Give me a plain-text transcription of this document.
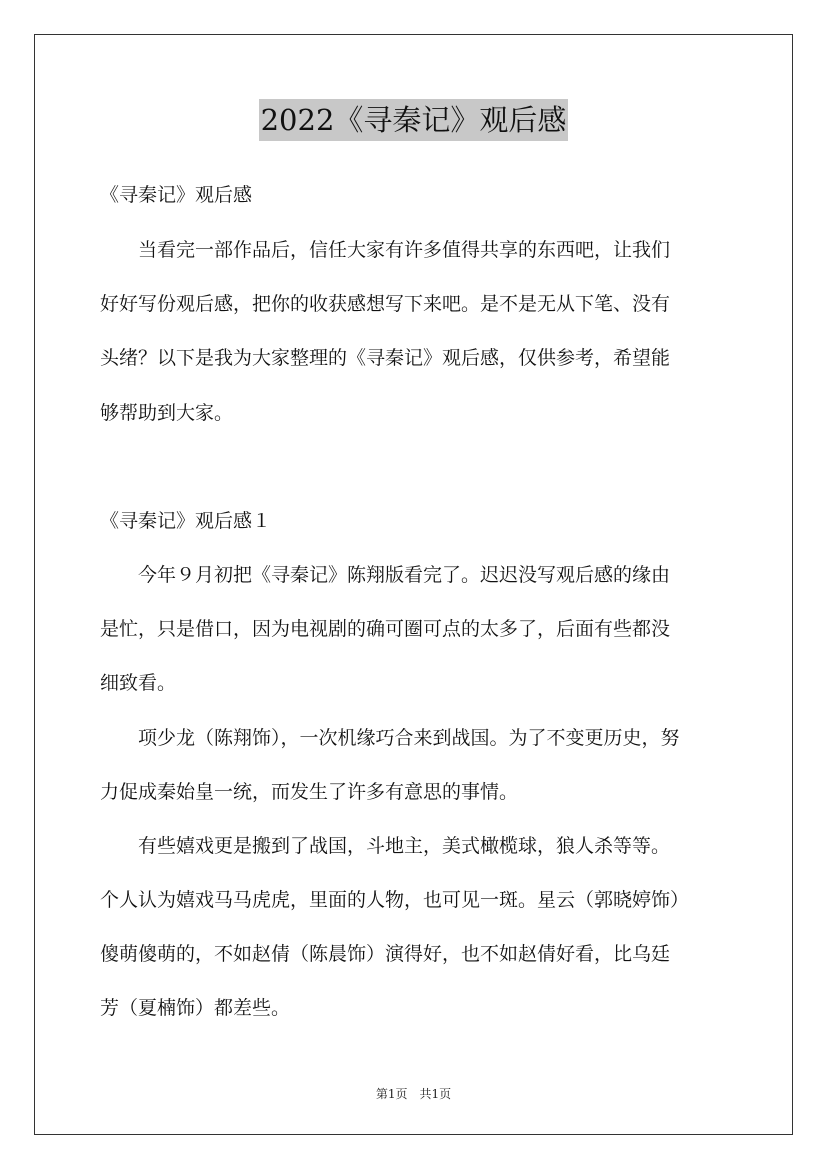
2022《寻秦记》观后感
《寻秦记》观后感
　　当看完一部作品后，信任大家有许多值得共享的东西吧，让我们
好好写份观后感，把你的收获感想写下来吧。是不是无从下笔、没有
头绪？以下是我为大家整理的《寻秦记》观后感，仅供参考，希望能
够帮助到大家。
《寻秦记》观后感１
　　今年９月初把《寻秦记》陈翔版看完了。迟迟没写观后感的缘由
是忙，只是借口，因为电视剧的确可圈可点的太多了，后面有些都没
细致看。
　　项少龙（陈翔饰），一次机缘巧合来到战国。为了不变更历史，努
力促成秦始皇一统，而发生了许多有意思的事情。
　　有些嬉戏更是搬到了战国，斗地主，美式橄榄球，狼人杀等等。
个人认为嬉戏马马虎虎，里面的人物，也可见一斑。星云（郭晓婷饰）
傻萌傻萌的，不如赵倩（陈晨饰）演得好，也不如赵倩好看，比乌廷
芳（夏楠饰）都差些。
第1页　共1页
